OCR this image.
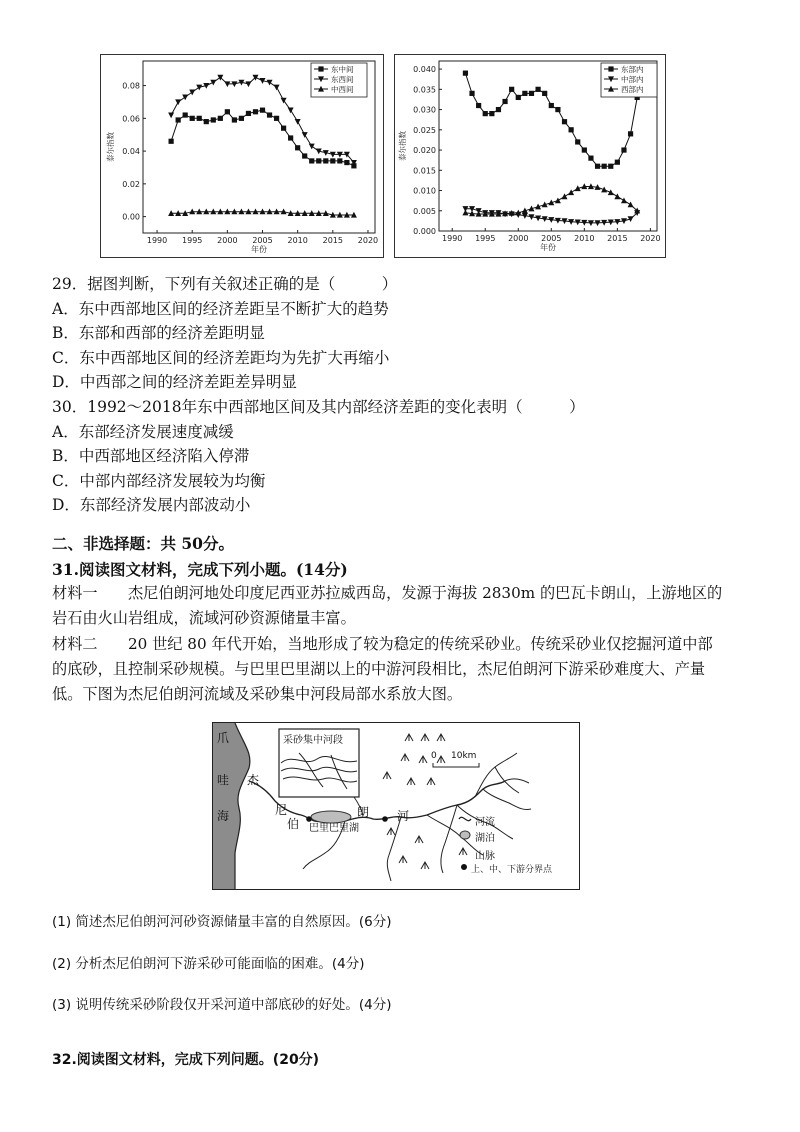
1990 1995 2000 2005 2010 2015 2020
0.00
0.02
0.04
0.06
0.08
年份
泰尔指数
东中间
东西间
中西间
1990 1995 2000 2005 2010 2015 2020
0.000
0.005
0.010
0.015
0.020
0.025
0.030
0.035
0.040
年份
泰尔指数
东部内
中部内
西部内
29．据图判断，下列有关叙述正确的是（　　　）
A．东中西部地区间的经济差距呈不断扩大的趋势
B．东部和西部的经济差距明显
C．东中西部地区间的经济差距均为先扩大再缩小
D．中西部之间的经济差距差异明显
30．1992～2018年东中西部地区间及其内部经济差距的变化表明（　　　）
A．东部经济发展速度减缓
B．中西部地区经济陷入停滞
C．中部内部经济发展较为均衡
D．东部经济发展内部波动小
二、非选择题：共 50分。
31.阅读图文材料，完成下列小题。(14分)
材料一　　杰尼伯朗河地处印度尼西亚苏拉威西岛，发源于海拔 2830m 的巴瓦卡朗山，上游地区的
岩石由火山岩组成，流域河砂资源储量丰富。
材料二　　20 世纪 80 年代开始，当地形成了较为稳定的传统采砂业。传统采砂业仅挖掘河道中部
的底砂，且控制采砂规模。与巴里巴里湖以上的中游河段相比，杰尼伯朗河下游采砂难度大、产量
低。下图为杰尼伯朗河流域及采砂集中河段局部水系放大图。
爪
哇
海
杰
尼
伯
朗 河
巴里巴里湖
采砂集中河段
0 10km
河流
湖泊
山脉
上、中、下游分界点
(1) 简述杰尼伯朗河河砂资源储量丰富的自然原因。(6分)
(2) 分析杰尼伯朗河下游采砂可能面临的困难。(4分)
(3) 说明传统采砂阶段仅开采河道中部底砂的好处。(4分)
32.阅读图文材料，完成下列问题。(20分)
